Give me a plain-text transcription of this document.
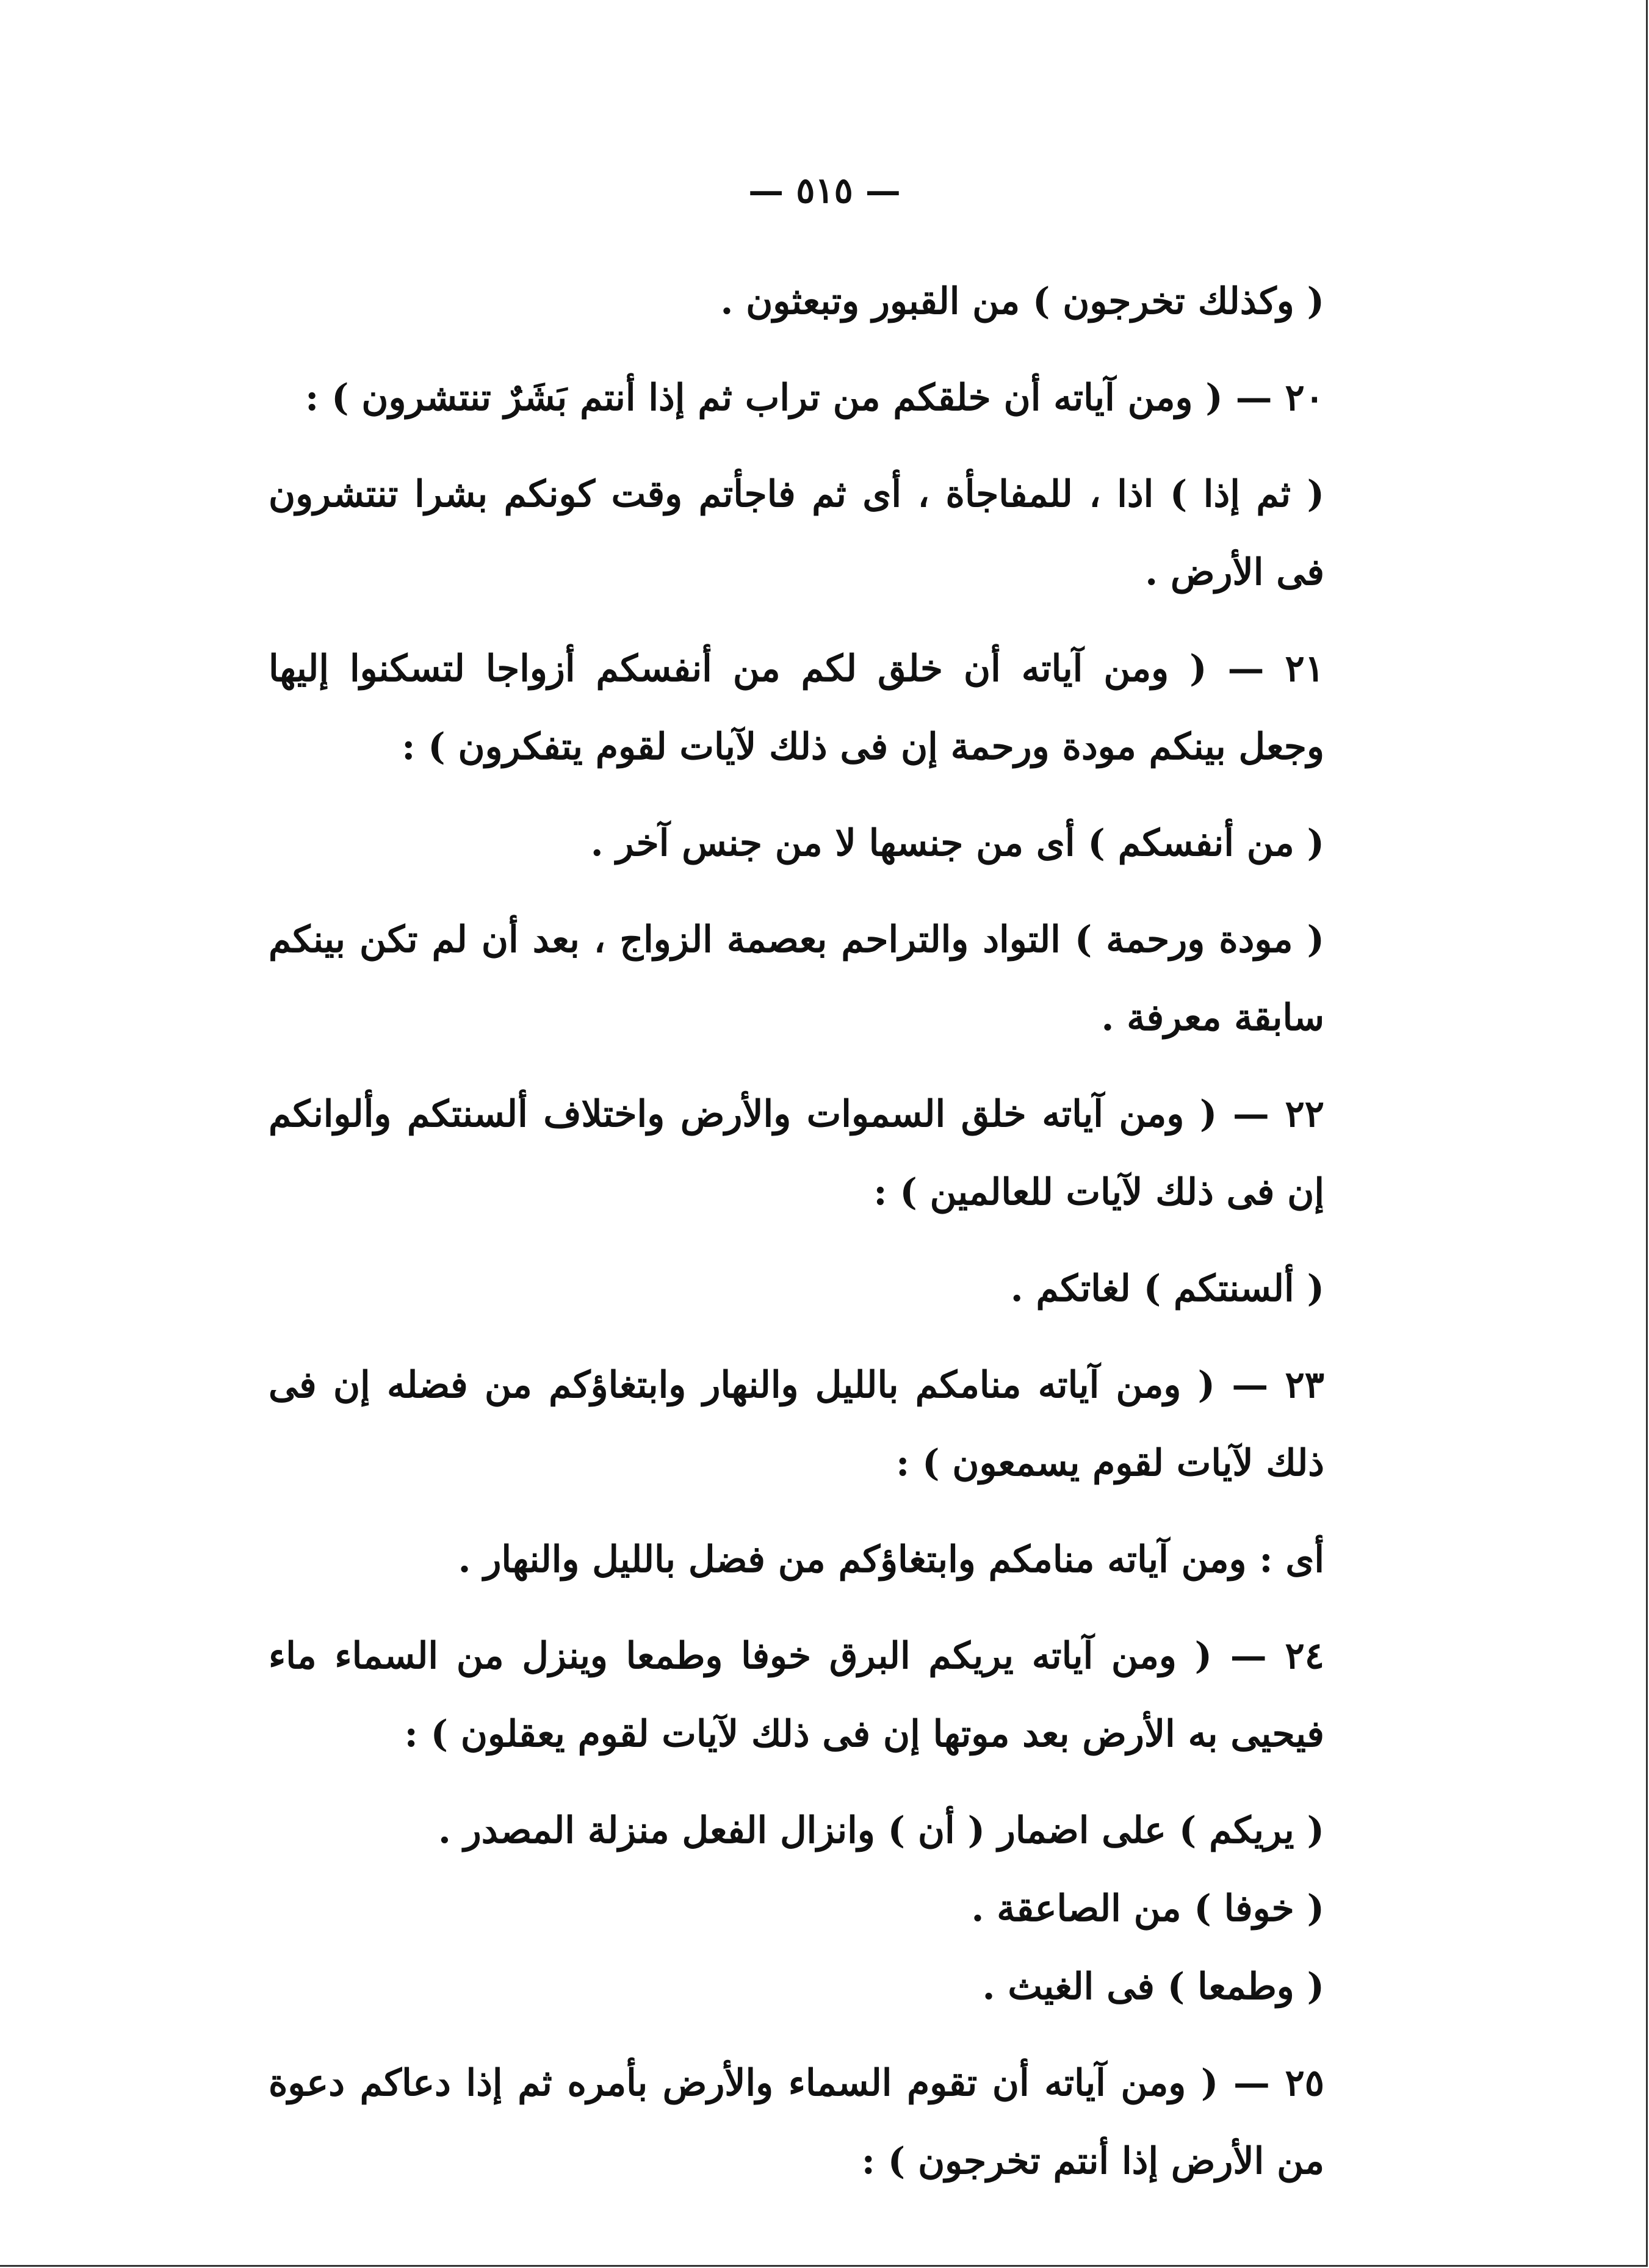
— ٥١٥ —

( وكذلك تخرجون ) من القبور وتبعثون .

٢٠ — ( ومن آياته أن خلقكم من تراب ثم إذا أنتم بَشَرٌ تنتشرون ) :

( ثم إذا ) اذا ، للمفاجأة ، أى ثم فاجأتم وقت كونكم بشرا تنتشرون فى الأرض .

٢١ — ( ومن آياته أن خلق لكم من أنفسكم أزواجا لتسكنوا إليها وجعل بينكم مودة ورحمة إن فى ذلك لآيات لقوم يتفكرون ) :

( من أنفسكم ) أى من جنسها لا من جنس آخر .

( مودة ورحمة ) التواد والتراحم بعصمة الزواج ، بعد أن لم تكن بينكم سابقة معرفة .

٢٢ — ( ومن آياته خلق السموات والأرض واختلاف ألسنتكم وألوانكم إن فى ذلك لآيات للعالمين ) :

( ألسنتكم ) لغاتكم .

٢٣ — ( ومن آياته منامكم بالليل والنهار وابتغاؤكم من فضله إن فى ذلك لآيات لقوم يسمعون ) :

أى : ومن آياته منامكم وابتغاؤكم من فضل بالليل والنهار .

٢٤ — ( ومن آياته يريكم البرق خوفا وطمعا وينزل من السماء ماء فيحيى به الأرض بعد موتها إن فى ذلك لآيات لقوم يعقلون ) :

( يريكم ) على اضمار ( أن ) وانزال الفعل منزلة المصدر .

( خوفا ) من الصاعقة .

( وطمعا ) فى الغيث .

٢٥ — ( ومن آياته أن تقوم السماء والأرض بأمره ثم إذا دعاكم دعوة من الأرض إذا أنتم تخرجون ) :
